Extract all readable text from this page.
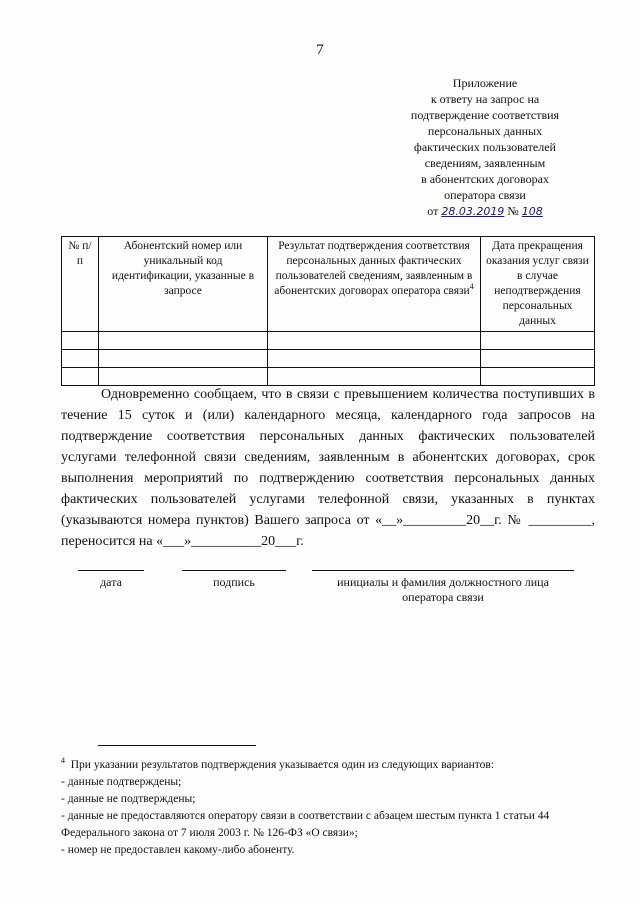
7
Приложение
к ответу на запрос на
подтверждение соответствия
персональных данных
фактических пользователей
сведениям, заявленным
в абонентских договорах
оператора связи
от 28.03.2019 № 108
№ п/п	Абонентский номер или уникальный код идентификации, указанные в запросе	Результат подтверждения соответствия персональных данных фактических пользователей сведениям, заявленным в абонентских договорах оператора связи$^4$	Дата прекращения оказания услуг связи в случае неподтверждения персональных данных

Одновременно сообщаем, что в связи с превышением количества поступивших в течение 15 суток и (или) календарного месяца, календарного года запросов на подтверждение соответствия персональных данных фактических пользователей услугами телефонной связи сведениям, заявленным в абонентских договорах, срок выполнения мероприятий по подтверждению соответствия персональных данных фактических пользователей услугами телефонной связи, указанных в пунктах (указываются номера пунктов) Вашего запроса от «__»_________20__г. № _________, переносится на «___»__________20___г.

дата	подпись	инициалы и фамилия должностного лица оператора связи
$^4$ При указании результатов подтверждения указывается один из следующих вариантов:
- данные подтверждены;
- данные не подтверждены;
- данные не предоставляются оператору связи в соответствии с абзацем шестым пункта 1 статьи 44 Федерального закона от 7 июля 2003 г. № 126-ФЗ «О связи»;
- номер не предоставлен какому-либо абоненту.
